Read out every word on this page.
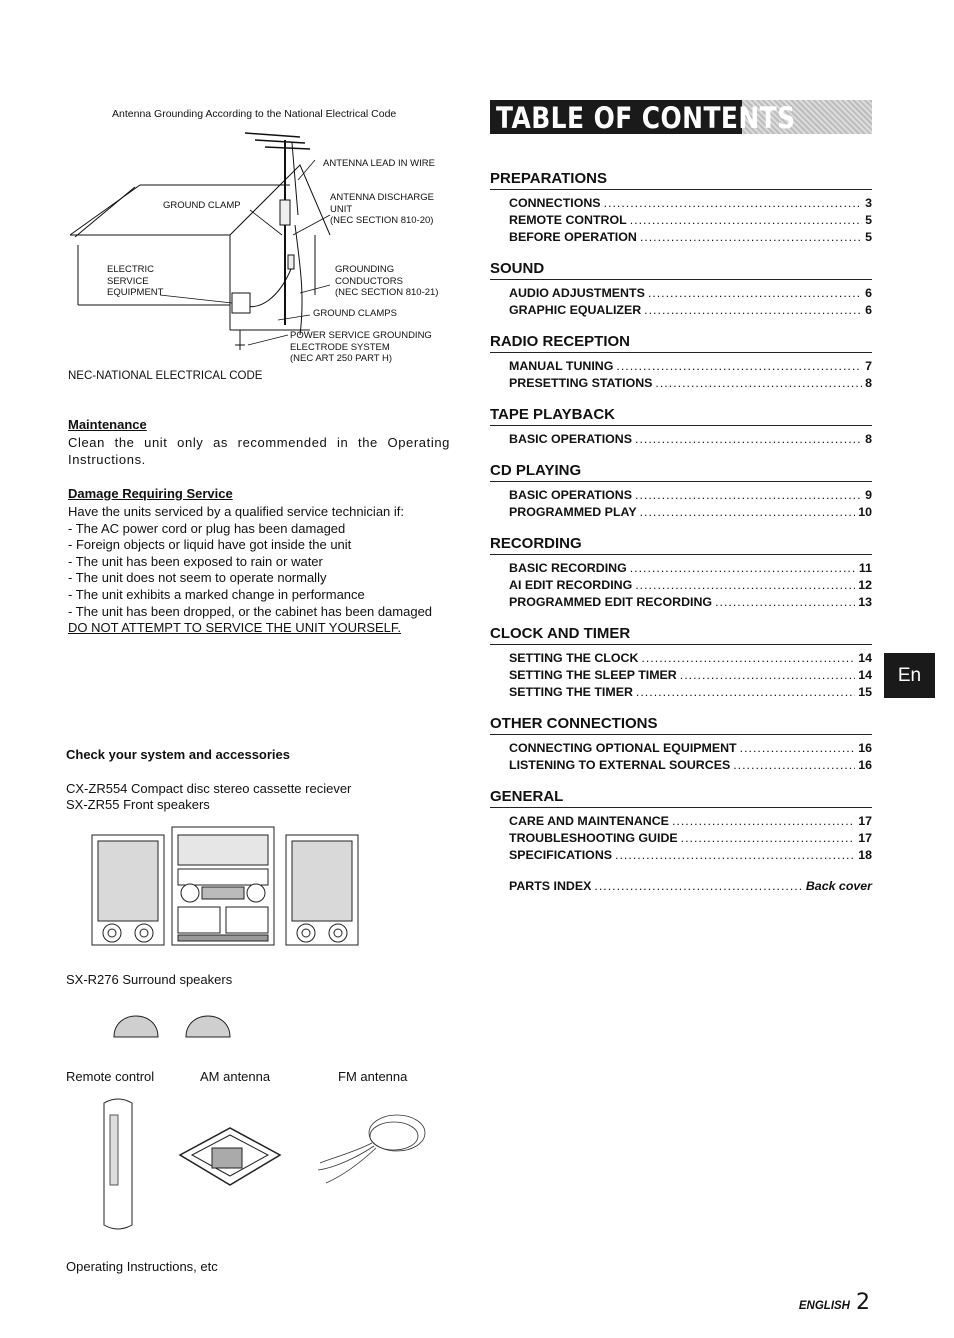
Antenna Grounding According to the National Electrical Code
ANTENNA LEAD IN WIRE
ANTENNA DISCHARGE
UNIT
(NEC SECTION 810-20)
GROUND CLAMP
ELECTRIC
SERVICE
EQUIPMENT
GROUNDING
CONDUCTORS
(NEC SECTION 810-21)
GROUND CLAMPS
POWER SERVICE GROUNDING
ELECTRODE SYSTEM
(NEC ART 250 PART H)
NEC-NATIONAL ELECTRICAL CODE
Maintenance
Clean the unit only as recommended in the Operating Instructions.
Damage Requiring Service
Have the units serviced by a qualified service technician if:
- The AC power cord or plug has been damaged
- Foreign objects or liquid have got inside the unit
- The unit has been exposed to rain or water
- The unit does not seem to operate normally
- The unit exhibits a marked change in performance
- The unit has been dropped, or the cabinet has been damaged
DO NOT ATTEMPT TO SERVICE THE UNIT YOURSELF.
Check your system and accessories
CX-ZR554 Compact disc stereo cassette reciever
SX-ZR55 Front speakers
SX-R276 Surround speakers
Remote control	AM antenna	FM antenna
Operating Instructions, etc
TABLE OF CONTENTS
PREPARATIONS
CONNECTIONS .....	3
REMOTE CONTROL .....	5
BEFORE OPERATION .....	5
SOUND
AUDIO ADJUSTMENTS .....	6
GRAPHIC EQUALIZER .....	6
RADIO RECEPTION
MANUAL TUNING .....	7
PRESETTING STATIONS .....	8
TAPE PLAYBACK
BASIC OPERATIONS .....	8
CD PLAYING
BASIC OPERATIONS .....	9
PROGRAMMED PLAY .....	10
RECORDING
BASIC RECORDING .....	11
AI EDIT RECORDING .....	12
PROGRAMMED EDIT RECORDING .....	13
CLOCK AND TIMER
SETTING THE CLOCK .....	14
SETTING THE SLEEP TIMER .....	14
SETTING THE TIMER .....	15
OTHER CONNECTIONS
CONNECTING OPTIONAL EQUIPMENT .....	16
LISTENING TO EXTERNAL SOURCES .....	16
GENERAL
CARE AND MAINTENANCE .....	17
TROUBLESHOOTING GUIDE .....	17
SPECIFICATIONS .....	18
PARTS INDEX .....	Back cover
En
ENGLISH 2
